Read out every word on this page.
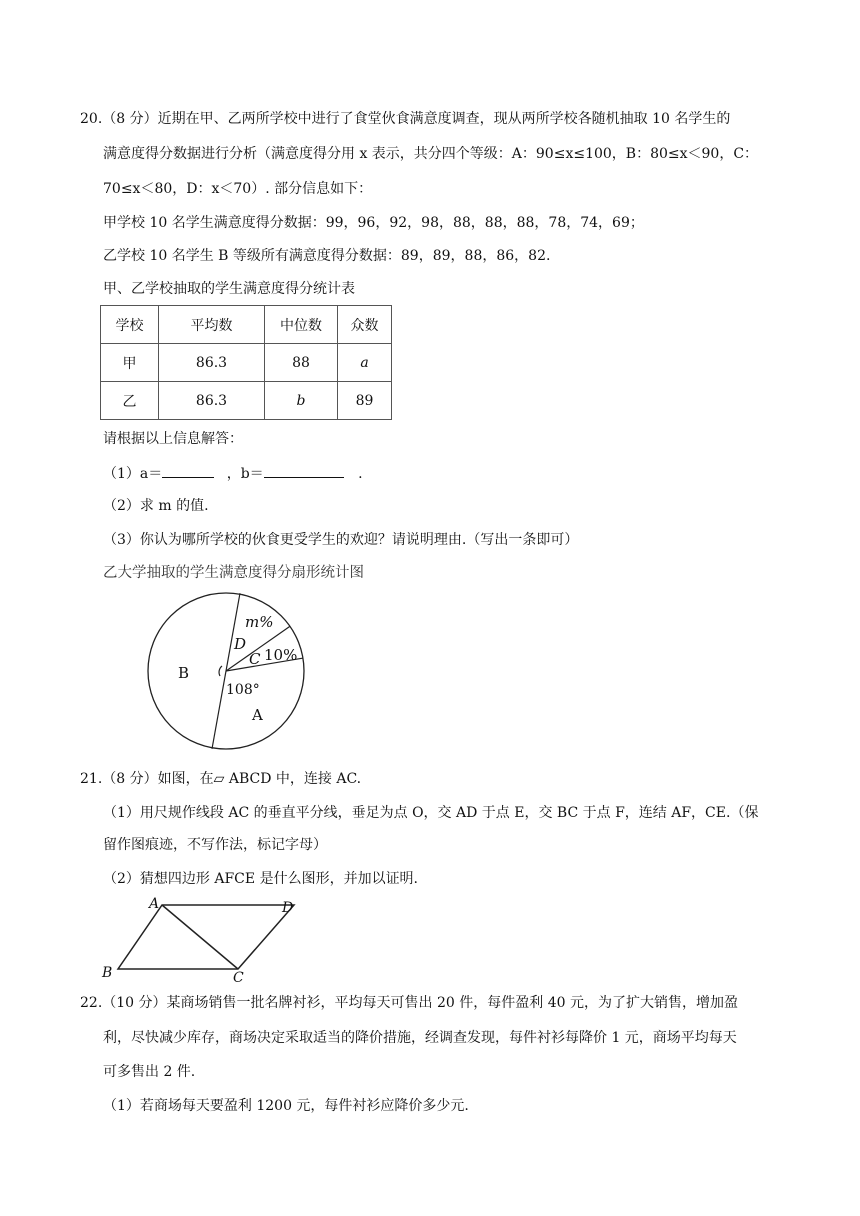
20.（8 分）近期在甲、乙两所学校中进行了食堂伙食满意度调查，现从两所学校各随机抽取 10 名学生的
满意度得分数据进行分析（满意度得分用 x 表示，共分四个等级：A：90≤x≤100，B：80≤x＜90，C：
70≤x＜80，D：x＜70）. 部分信息如下：
甲学校 10 名学生满意度得分数据：99，96，92，98，88，88，88，78，74，69；
乙学校 10 名学生 B 等级所有满意度得分数据：89，89，88，86，82.
甲、乙学校抽取的学生满意度得分统计表
学校	平均数	中位数	众数
甲	86.3	88	a
乙	86.3	b	89
请根据以上信息解答：
（1）a＝	，b＝	.
（2）求 m 的值.
（3）你认为哪所学校的伙食更受学生的欢迎？请说明理由.（写出一条即可）
乙大学抽取的学生满意度得分扇形统计图
m%
D
C 10%
B
108°
A
21.（8 分）如图，在▱ ABCD 中，连接 AC.
（1）用尺规作线段 AC 的垂直平分线，垂足为点 O，交 AD 于点 E，交 BC 于点 F，连结 AF，CE.（保
留作图痕迹，不写作法，标记字母）
（2）猜想四边形 AFCE 是什么图形，并加以证明.
A	D
B	C
22.（10 分）某商场销售一批名牌衬衫，平均每天可售出 20 件，每件盈利 40 元，为了扩大销售，增加盈
利，尽快减少库存，商场决定采取适当的降价措施，经调查发现，每件衬衫每降价 1 元，商场平均每天
可多售出 2 件.
（1）若商场每天要盈利 1200 元，每件衬衫应降价多少元.
